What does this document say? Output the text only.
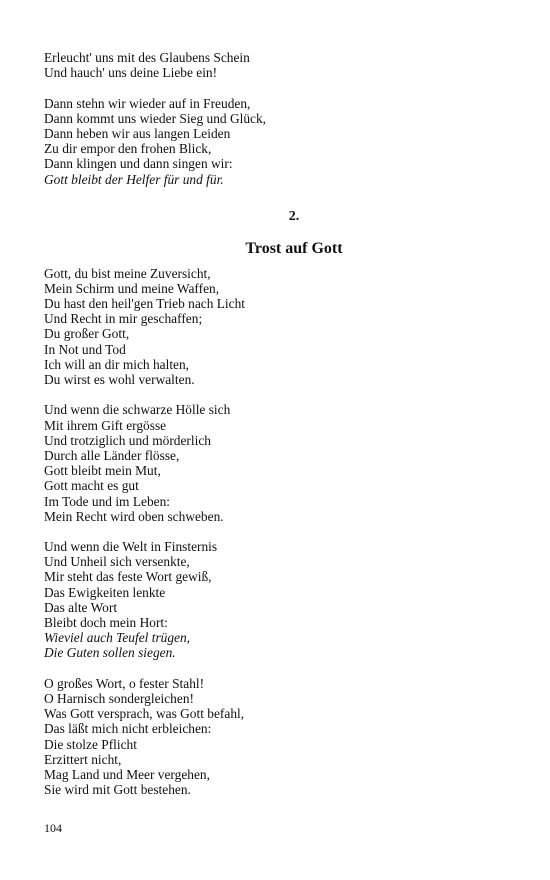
Erleucht' uns mit des Glaubens Schein
Und hauch' uns deine Liebe ein!
Dann stehn wir wieder auf in Freuden,
Dann kommt uns wieder Sieg und Glück,
Dann heben wir aus langen Leiden
Zu dir empor den frohen Blick,
Dann klingen und dann singen wir:
Gott bleibt der Helfer für und für.
2.
Trost auf Gott
Gott, du bist meine Zuversicht,
Mein Schirm und meine Waffen,
Du hast den heil'gen Trieb nach Licht
Und Recht in mir geschaffen;
Du großer Gott,
In Not und Tod
Ich will an dir mich halten,
Du wirst es wohl verwalten.
Und wenn die schwarze Hölle sich
Mit ihrem Gift ergösse
Und trotziglich und mörderlich
Durch alle Länder flösse,
Gott bleibt mein Mut,
Gott macht es gut
Im Tode und im Leben:
Mein Recht wird oben schweben.
Und wenn die Welt in Finsternis
Und Unheil sich versenkte,
Mir steht das feste Wort gewiß,
Das Ewigkeiten lenkte
Das alte Wort
Bleibt doch mein Hort:
Wieviel auch Teufel trügen,
Die Guten sollen siegen.
O großes Wort, o fester Stahl!
O Harnisch sondergleichen!
Was Gott versprach, was Gott befahl,
Das läßt mich nicht erbleichen:
Die stolze Pflicht
Erzittert nicht,
Mag Land und Meer vergehen,
Sie wird mit Gott bestehen.
104
